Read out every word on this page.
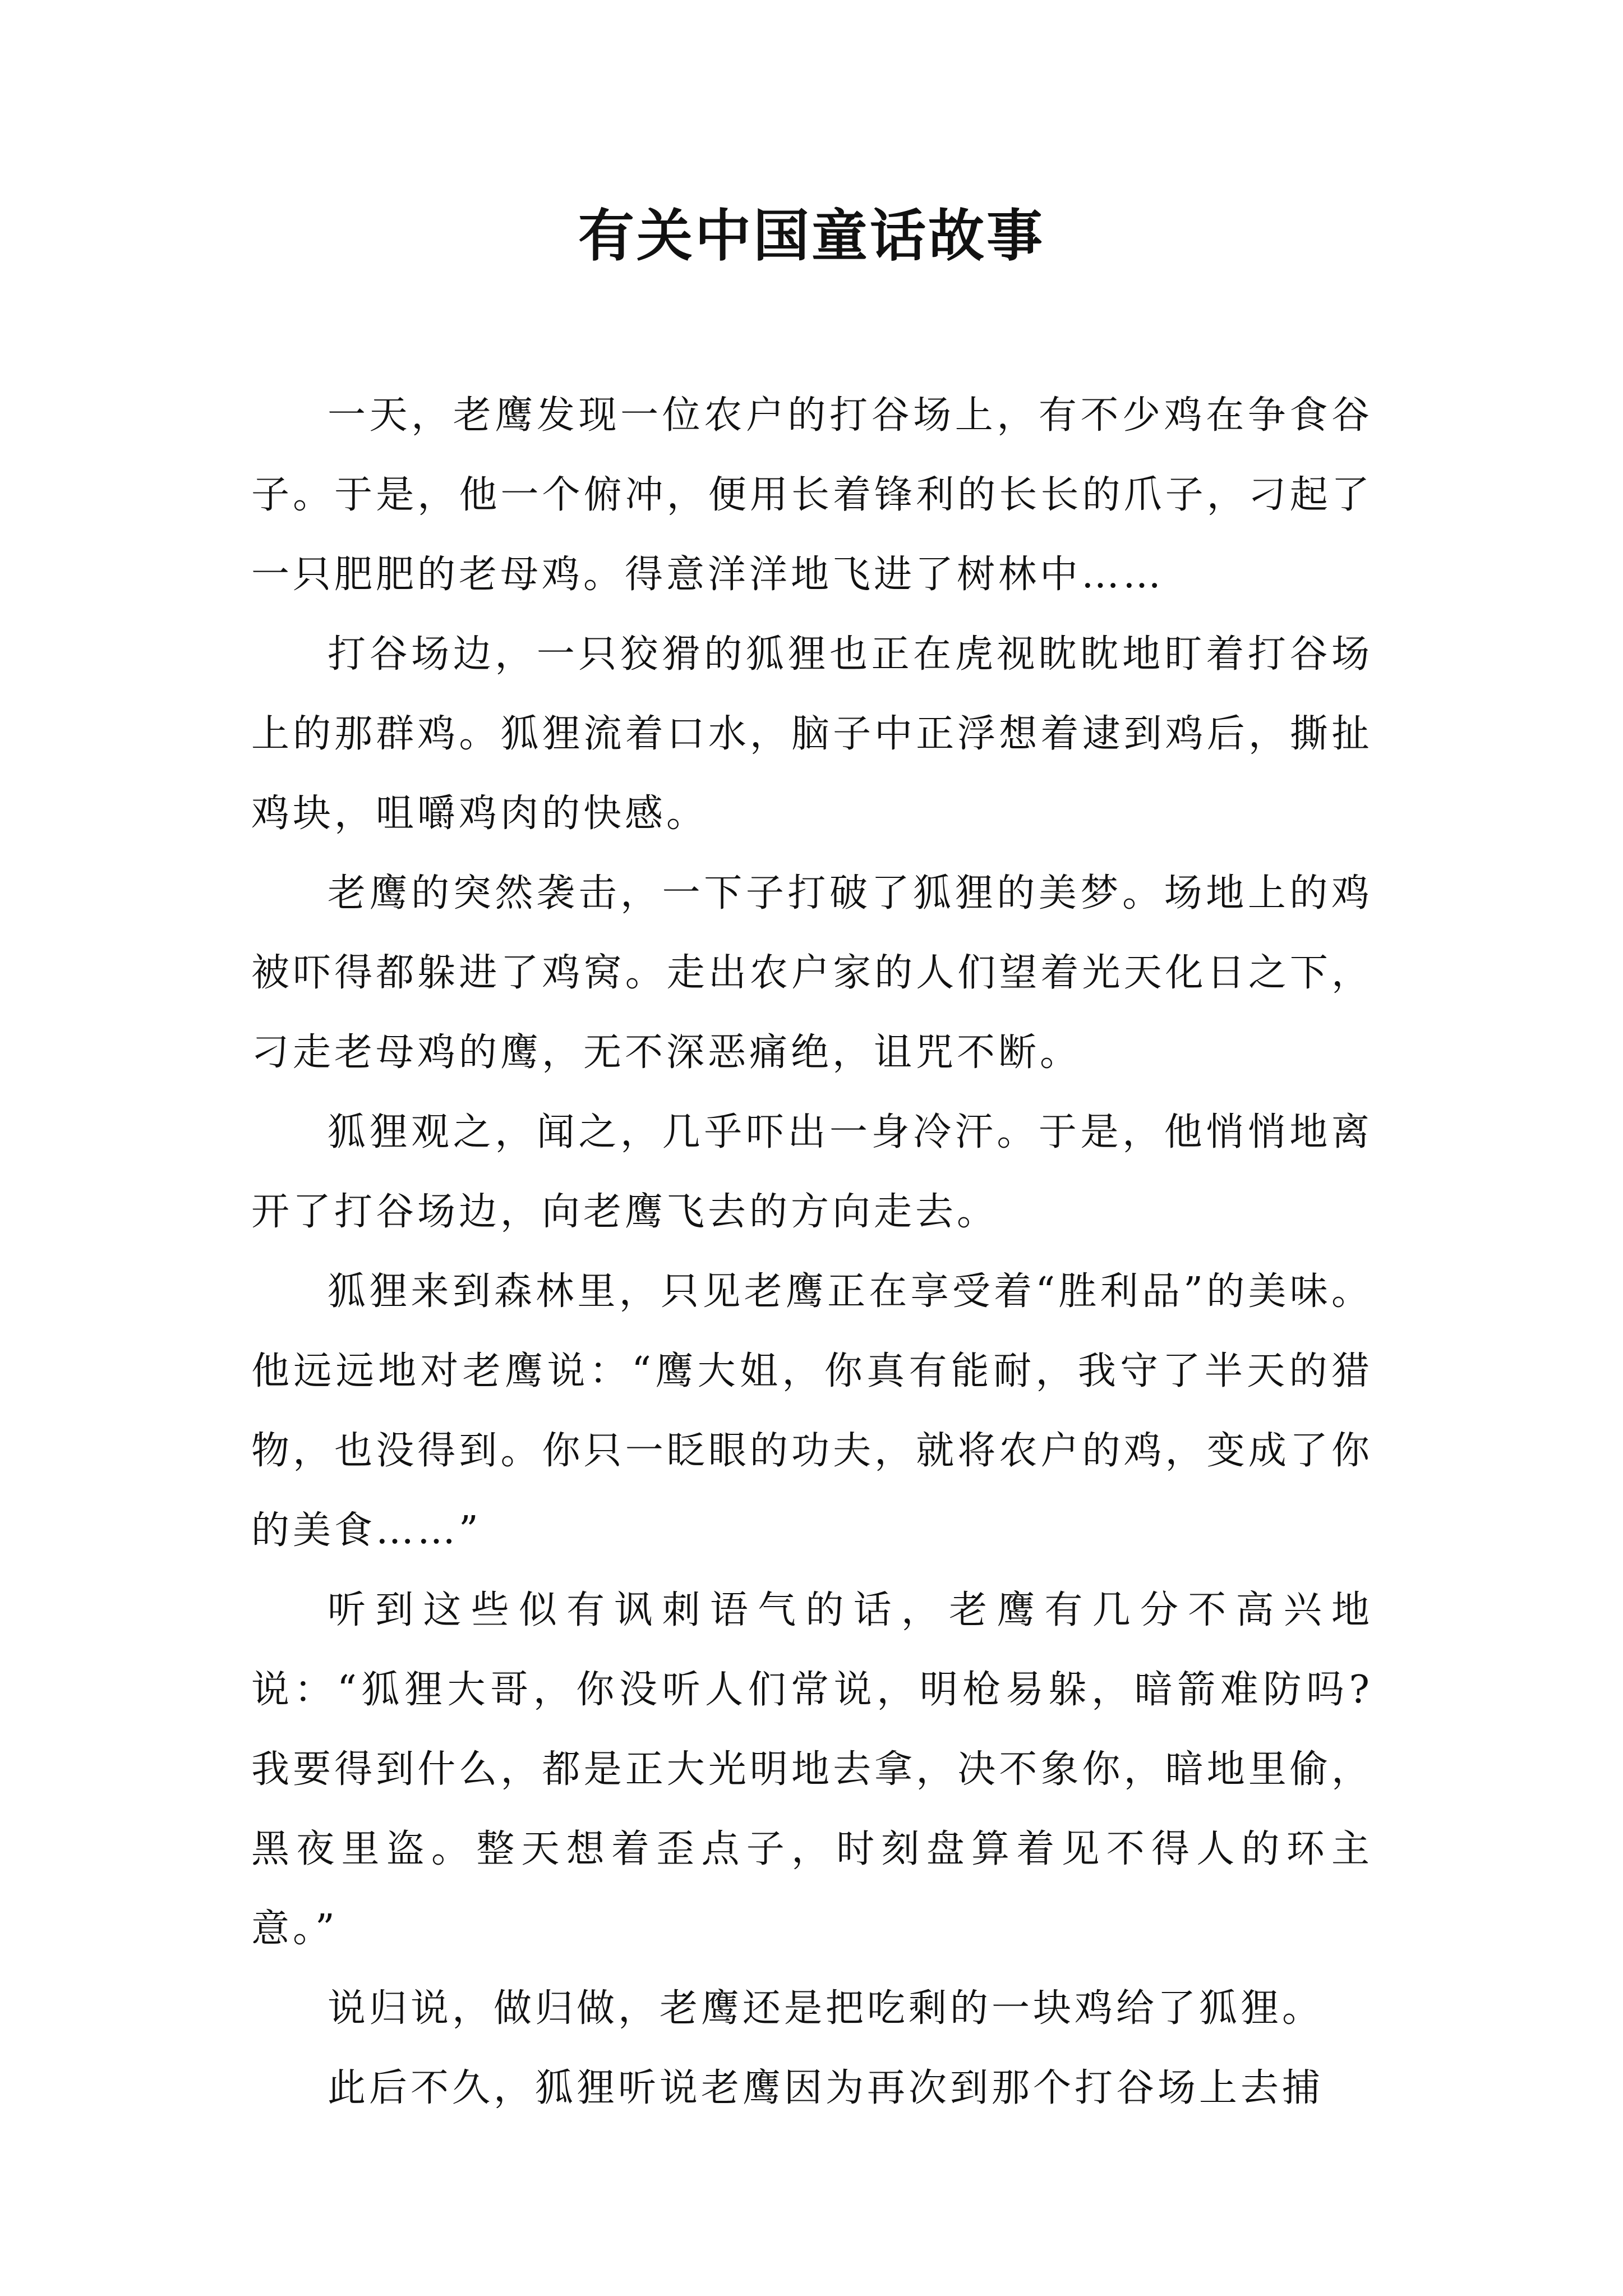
有关中国童话故事

一天，老鹰发现一位农户的打谷场上，有不少鸡在争食谷子。于是，他一个俯冲，便用长着锋利的长长的爪子，刁起了一只肥肥的老母鸡。得意洋洋地飞进了树林中……

打谷场边，一只狡猾的狐狸也正在虎视眈眈地盯着打谷场上的那群鸡。狐狸流着口水，脑子中正浮想着逮到鸡后，撕扯鸡块，咀嚼鸡肉的快感。

老鹰的突然袭击，一下子打破了狐狸的美梦。场地上的鸡被吓得都躲进了鸡窝。走出农户家的人们望着光天化日之下，刁走老母鸡的鹰，无不深恶痛绝，诅咒不断。

狐狸观之，闻之，几乎吓出一身冷汗。于是，他悄悄地离开了打谷场边，向老鹰飞去的方向走去。

狐狸来到森林里，只见老鹰正在享受着“胜利品”的美味。他远远地对老鹰说：“鹰大姐，你真有能耐，我守了半天的猎物，也没得到。你只一眨眼的功夫，就将农户的鸡，变成了你的美食……”

听到这些似有讽刺语气的话，老鹰有几分不高兴地说：“狐狸大哥，你没听人们常说，明枪易躲，暗箭难防吗?我要得到什么，都是正大光明地去拿，决不象你，暗地里偷，黑夜里盗。整天想着歪点子，时刻盘算着见不得人的环主意。”

说归说，做归做，老鹰还是把吃剩的一块鸡给了狐狸。

此后不久，狐狸听说老鹰因为再次到那个打谷场上去捕
